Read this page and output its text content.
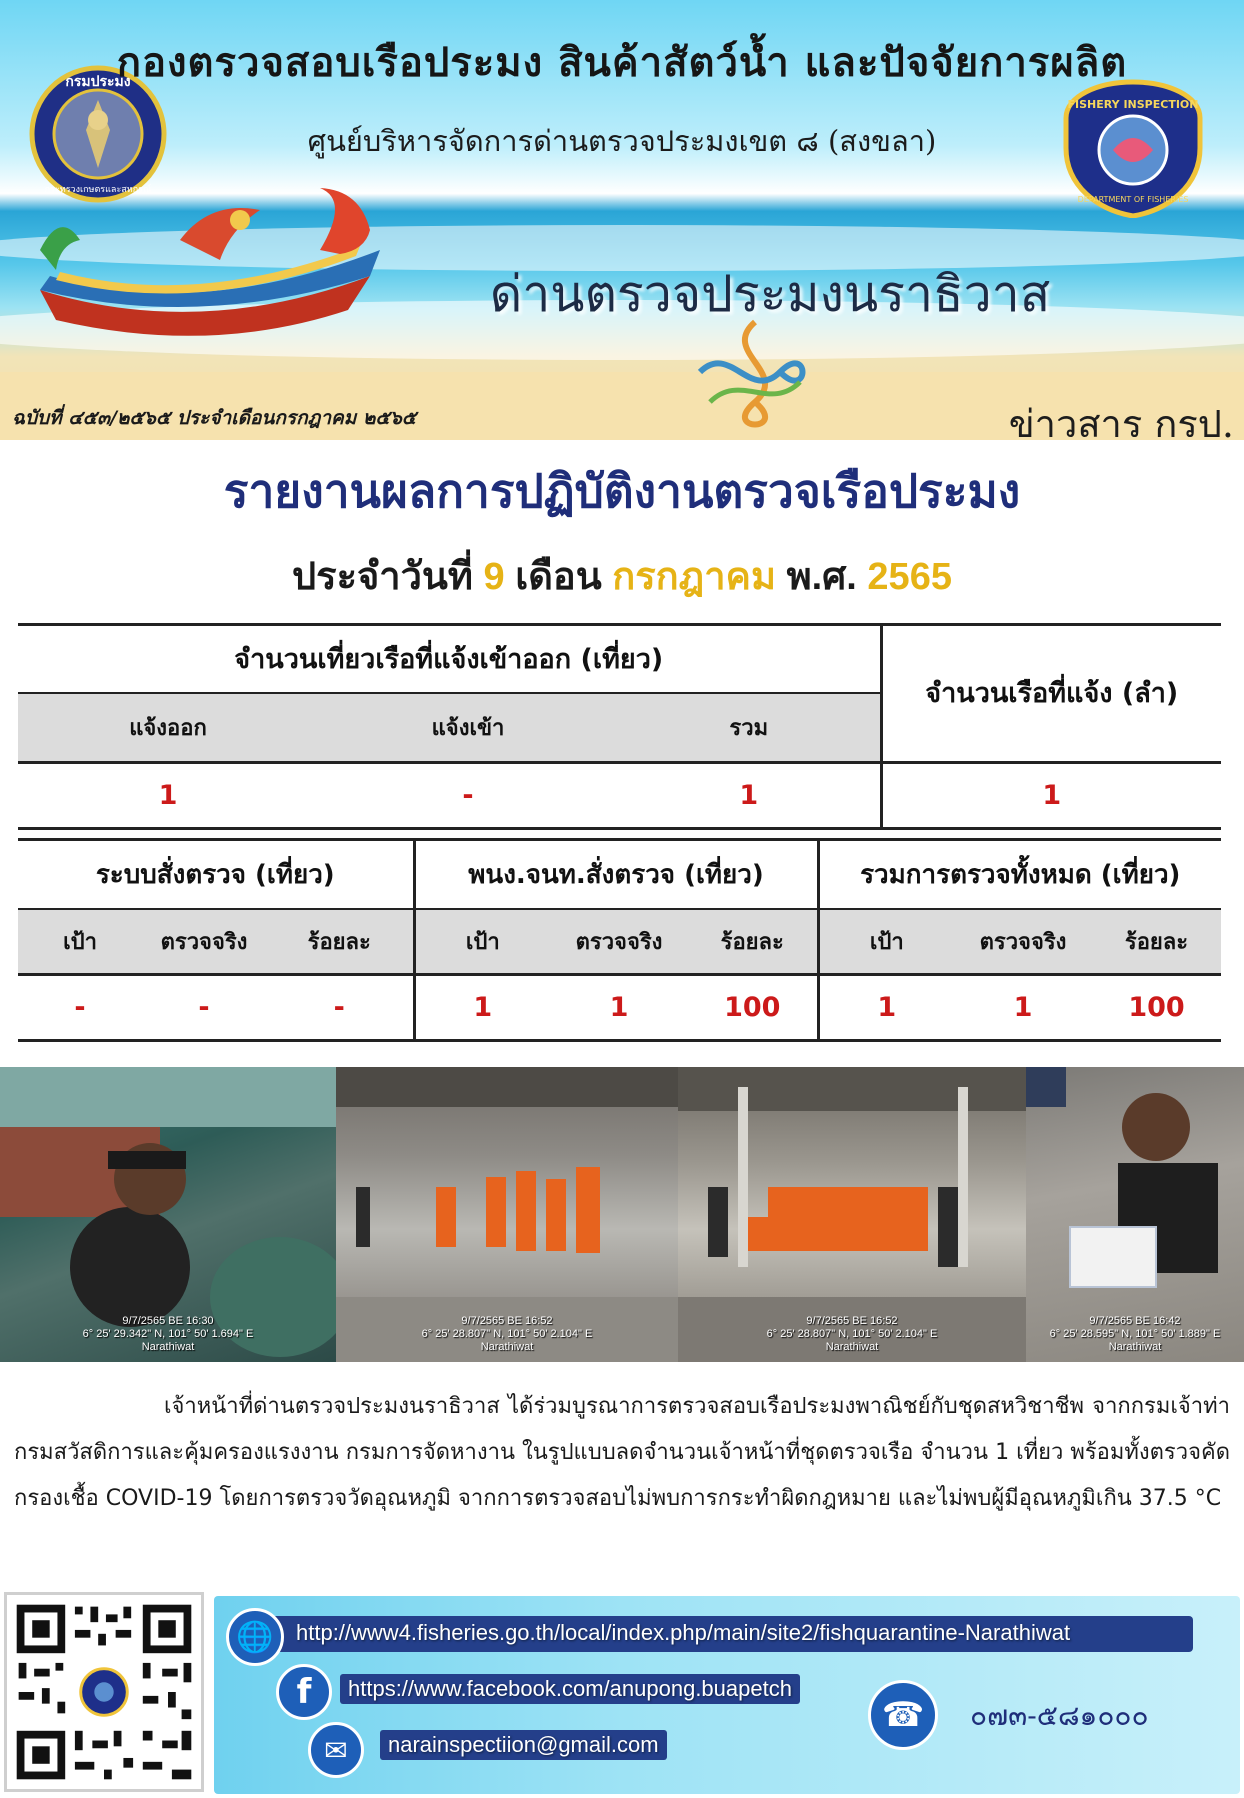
กรมประมง
กระทรวงเกษตรและสหกรณ์
กองตรวจสอบเรือประมง สินค้าสัตว์น้ำ และปัจจัยการผลิต
ศูนย์บริหารจัดการด่านตรวจประมงเขต ๘ (สงขลา)
FISHERY INSPECTION
DEPARTMENT OF FISHERIES
ด่านตรวจประมงนราธิวาส
ฉบับที่ ๔๕๓/๒๕๖๕ ประจำเดือนกรกฎาคม ๒๕๖๕	ข่าวสาร กรป.
รายงานผลการปฏิบัติงานตรวจเรือประมง
ประจำวันที่ 9 เดือน กรกฎาคม พ.ศ. 2565
จำนวนเที่ยวเรือที่แจ้งเข้าออก (เที่ยว)			จำนวนเรือที่แจ้ง (ลำ)
แจ้งออก	แจ้งเข้า	รวม	
1	-	1	1
ระบบสั่งตรวจ (เที่ยว)			พนง.จนท.สั่งตรวจ (เที่ยว)			รวมการตรวจทั้งหมด (เที่ยว)		
เป้า	ตรวจจริง	ร้อยละ	เป้า	ตรวจจริง	ร้อยละ	เป้า	ตรวจจริง	ร้อยละ
-	-	-	1	1	100	1	1	100
9/7/2565 BE 16:30
6° 25' 29.342" N, 101° 50' 1.694" E
Narathiwat
9/7/2565 BE 16:52
6° 25' 28.807" N, 101° 50' 2.104" E
Narathiwat
9/7/2565 BE 16:52
6° 25' 28.807" N, 101° 50' 2.104" E
Narathiwat
9/7/2565 BE 16:42
6° 25' 28.595" N, 101° 50' 1.889" E
Narathiwat
เจ้าหน้าที่ด่านตรวจประมงนราธิวาส ได้ร่วมบูรณาการตรวจสอบเรือประมงพาณิชย์กับชุดสหวิชาชีพ จากกรมเจ้าท่า กรมสวัสดิการและคุ้มครองแรงงาน กรมการจัดหางาน ในรูปแบบลดจำนวนเจ้าหน้าที่ชุดตรวจเรือ จำนวน 1 เที่ยว พร้อมทั้งตรวจคัดกรองเชื้อ COVID-19 โดยการตรวจวัดอุณหภูมิ จากการตรวจสอบไม่พบการกระทำผิดกฎหมาย และไม่พบผู้มีอุณหภูมิเกิน 37.5 °C
🌐	http://www4.fisheries.go.th/local/index.php/main/site2/fishquarantine-Narathiwat
f	https://www.facebook.com/anupong.buapetch
✉	narainspectiion@gmail.com
☎	๐๗๓-๕๘๑๐๐๐
